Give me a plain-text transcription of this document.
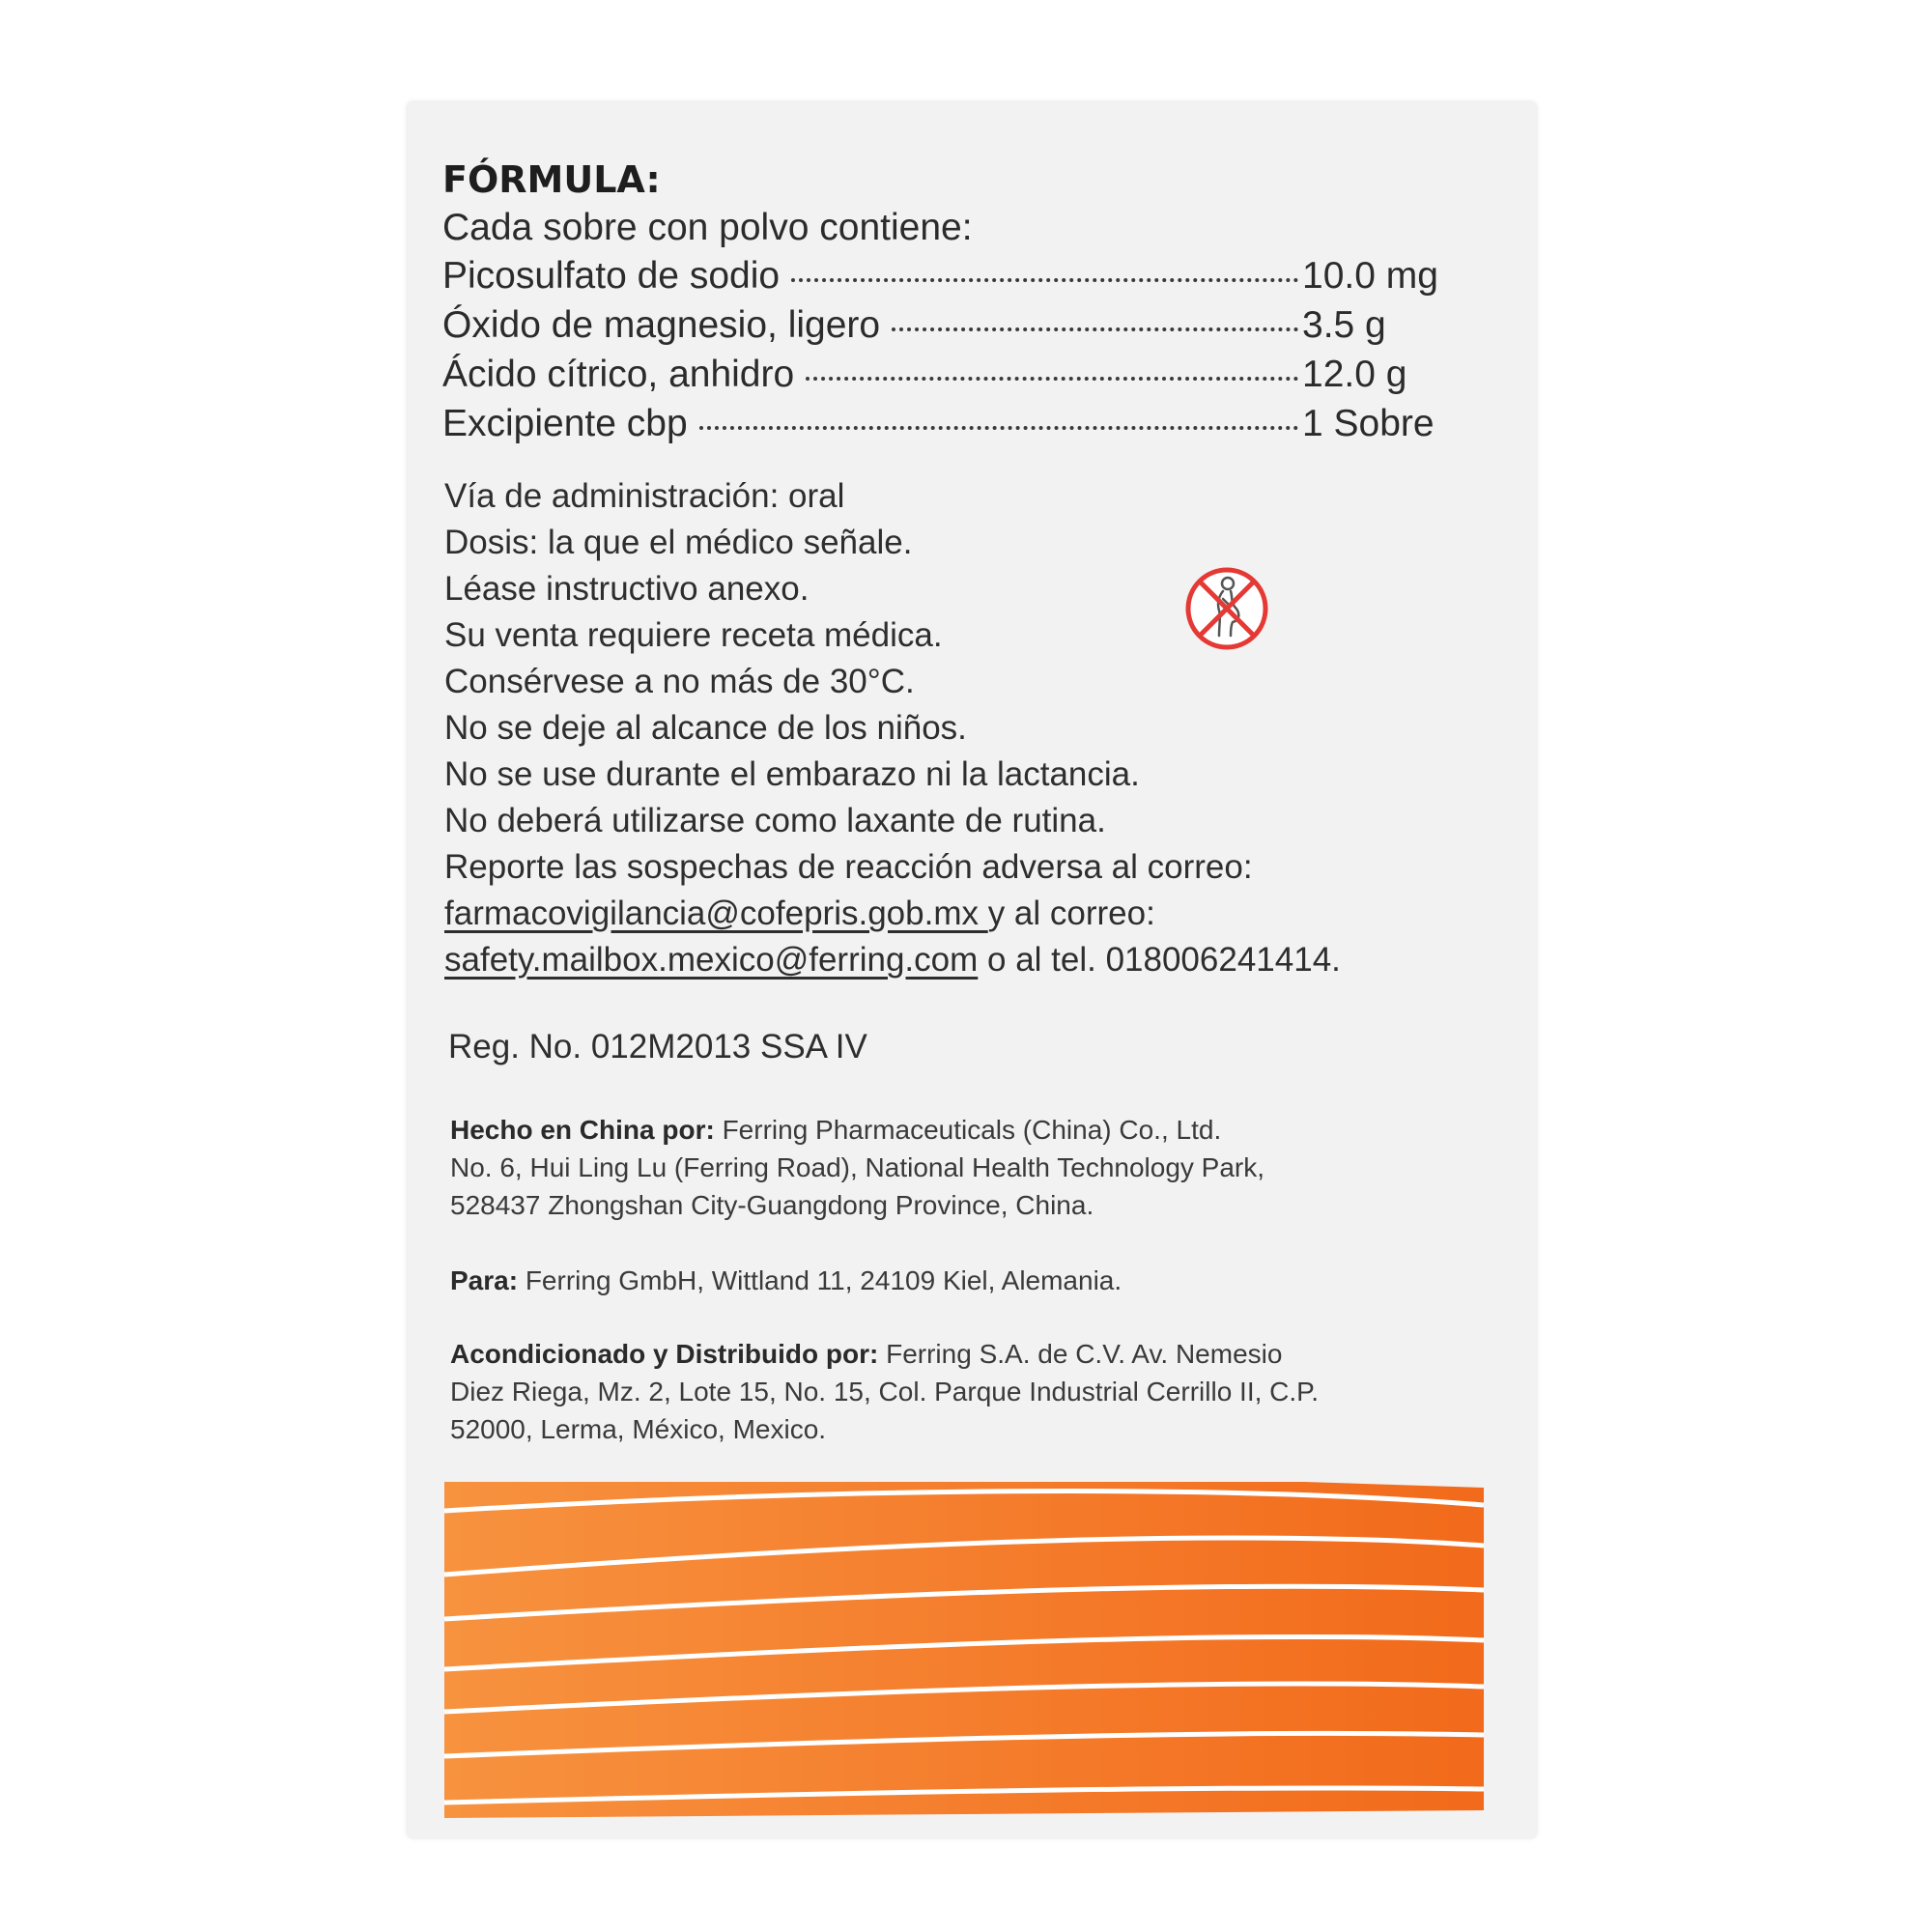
FÓRMULA:
Cada sobre con polvo contiene:
Picosulfato de sodio	10.0 mg
Óxido de magnesio, ligero	3.5 g
Ácido cítrico, anhidro	12.0 g
Excipiente cbp	1 Sobre
Vía de administración: oral
Dosis: la que el médico señale.
Léase instructivo anexo.
Su venta requiere receta médica.
Consérvese a no más de 30°C.
No se deje al alcance de los niños.
No se use durante el embarazo ni la lactancia.
No deberá utilizarse como laxante de rutina.
Reporte las sospechas de reacción adversa al correo:
farmacovigilancia@cofepris.gob.mx y al correo:
safety.mailbox.mexico@ferring.com o al tel. 018006241414.
Reg. No. 012M2013 SSA IV
Hecho en China por: Ferring Pharmaceuticals (China) Co., Ltd.
No. 6, Hui Ling Lu (Ferring Road), National Health Technology Park,
528437 Zhongshan City-Guangdong Province, China.
Para: Ferring GmbH, Wittland 11, 24109 Kiel, Alemania.
Acondicionado y Distribuido por: Ferring S.A. de C.V. Av. Nemesio
Diez Riega, Mz. 2, Lote 15, No. 15, Col. Parque Industrial Cerrillo II, C.P.
52000, Lerma, México, Mexico.
